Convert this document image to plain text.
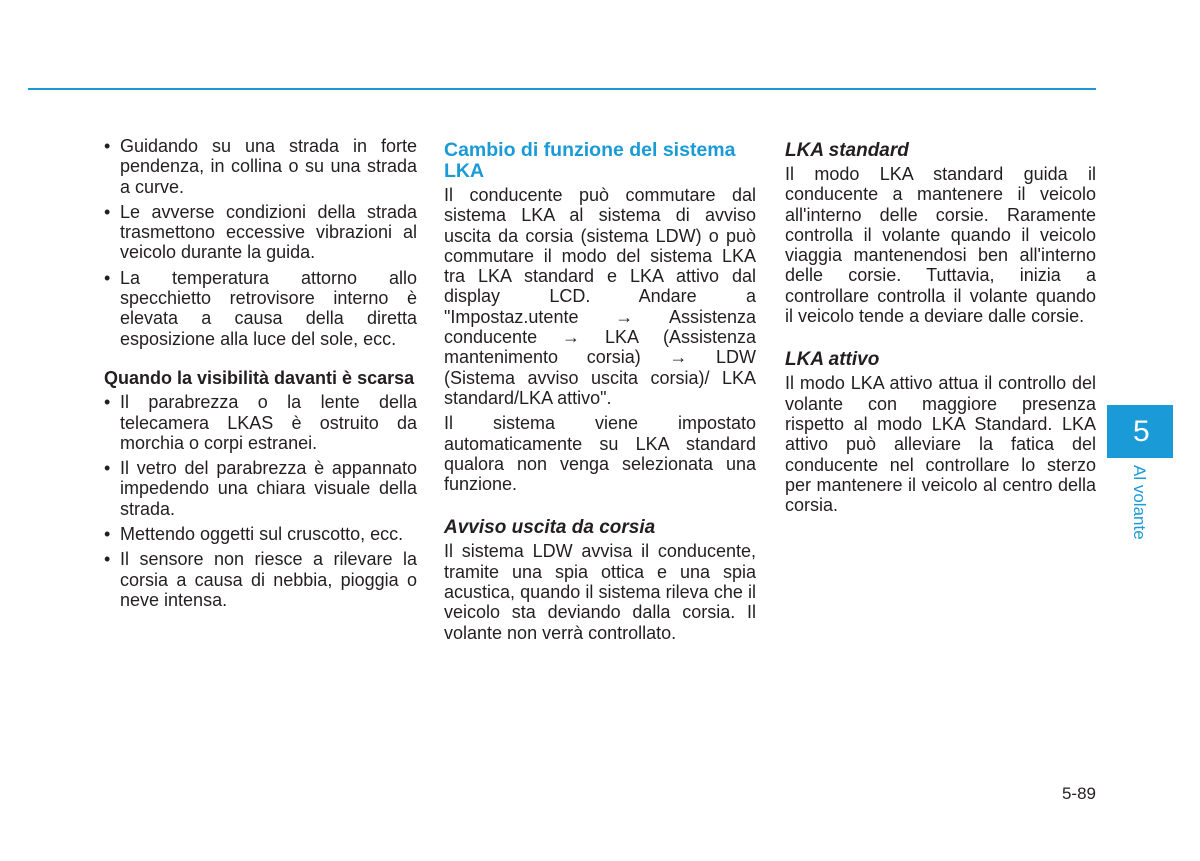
• Guidando su una strada in forte pendenza, in collina o su una strada a curve.
• Le avverse condizioni della strada trasmettono eccessive vibrazioni al veicolo durante la guida.
• La temperatura attorno allo specchietto retrovisore interno è elevata a causa della diretta esposizione alla luce del sole, ecc.
Quando la visibilità davanti è scarsa
• Il parabrezza o la lente della telecamera LKAS è ostruito da morchia o corpi estranei.
• Il vetro del parabrezza è appannato impedendo una chiara visuale della strada.
• Mettendo oggetti sul cruscotto, ecc.
• Il sensore non riesce a rilevare la corsia a causa di nebbia, pioggia o neve intensa.
Cambio di funzione del sistema LKA

Il conducente può commutare dal sistema LKA al sistema di avviso uscita da corsia (sistema LDW) o può commutare il modo del sistema LKA tra LKA standard e LKA attivo dal display LCD. Andare a "Impostaz.utente → Assistenza conducente → LKA (Assistenza mantenimento corsia) → LDW (Sistema avviso uscita corsia)/ LKA standard/LKA attivo".

Il sistema viene impostato automaticamente su LKA standard qualora non venga selezionata una funzione.

Avviso uscita da corsia

Il sistema LDW avvisa il conducente, tramite una spia ottica e una spia acustica, quando il sistema rileva che il veicolo sta deviando dalla corsia. Il volante non verrà controllato.

LKA standard

Il modo LKA standard guida il conducente a mantenere il veicolo all'interno delle corsie. Raramente controlla il volante quando il veicolo viaggia mantenendosi ben all'interno delle corsie. Tuttavia, inizia a controllare controlla il volante quando il veicolo tende a deviare dalle corsie.

LKA attivo

Il modo LKA attivo attua il controllo del volante con maggiore presenza rispetto al modo LKA Standard. LKA attivo può alleviare la fatica del conducente nel controllare lo sterzo per mantenere il veicolo al centro della corsia.

5
Al volante
5-89
